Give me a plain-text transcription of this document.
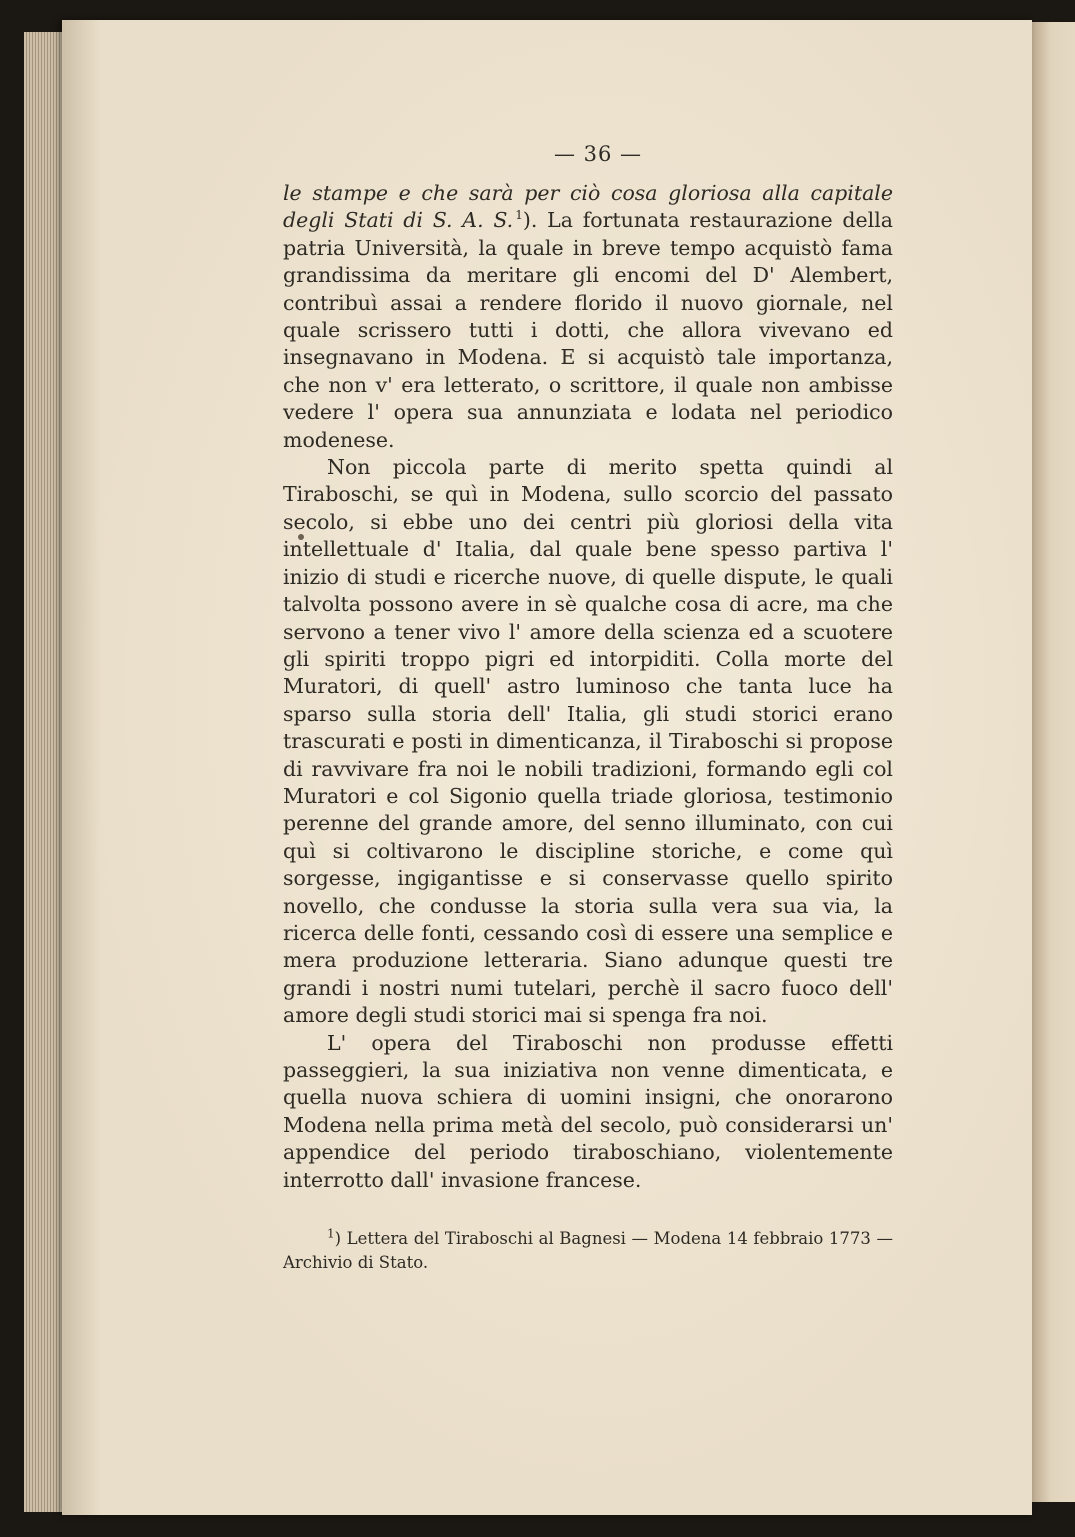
— 36 —

le stampe e che sarà per ciò cosa gloriosa alla capitale degli Stati di S. A. S.  $^1$). La fortunata restaurazione della patria Università, la quale in breve tempo acquistò fama grandissima da meritare gli encomi del D' Alembert, contribuì assai a rendere florido il nuovo giornale, nel quale scrissero tutti i dotti, che allora vivevano ed insegnavano in Modena. E si acquistò tale importanza, che non v' era letterato, o scrittore, il quale non ambisse vedere l' opera sua annunziata e lodata nel periodico modenese.

Non piccola parte di merito spetta quindi al Tiraboschi, se quì in Modena, sullo scorcio del passato secolo, si ebbe uno dei centri più gloriosi della vita intellettuale d' Italia, dal quale bene spesso partiva l' inizio di studi e ricerche nuove, di quelle dispute, le quali talvolta possono avere in sè qualche cosa di acre, ma che servono a tener vivo l' amore della scienza ed a scuotere gli spiriti troppo pigri ed intorpiditi. Colla morte del Muratori, di quell' astro luminoso che tanta luce ha sparso sulla storia dell' Italia, gli studi storici erano trascurati e posti in dimenticanza, il Tiraboschi si propose di ravvivare fra noi le nobili tradizioni, formando egli col Muratori e col Sigonio quella triade gloriosa, testimonio perenne del grande amore, del senno illuminato, con cui quì si coltivarono le discipline storiche, e come quì sorgesse, ingigantisse e si conservasse quello spirito novello, che condusse la storia sulla vera sua via, la ricerca delle fonti, cessando così di essere una semplice e mera produzione letteraria. Siano adunque questi tre grandi i nostri numi tutelari, perchè il sacro fuoco dell' amore degli studi storici mai si spenga fra noi.

L' opera del Tiraboschi non produsse effetti passeggieri, la sua iniziativa non venne dimenticata, e quella nuova schiera di uomini insigni, che onorarono Modena nella prima metà del secolo, può considerarsi un' appendice del periodo tiraboschiano, violentemente interrotto dall' invasione francese.

$^1$) Lettera del Tiraboschi al Bagnesi — Modena 14 febbraio 1773 — Archivio di Stato.
